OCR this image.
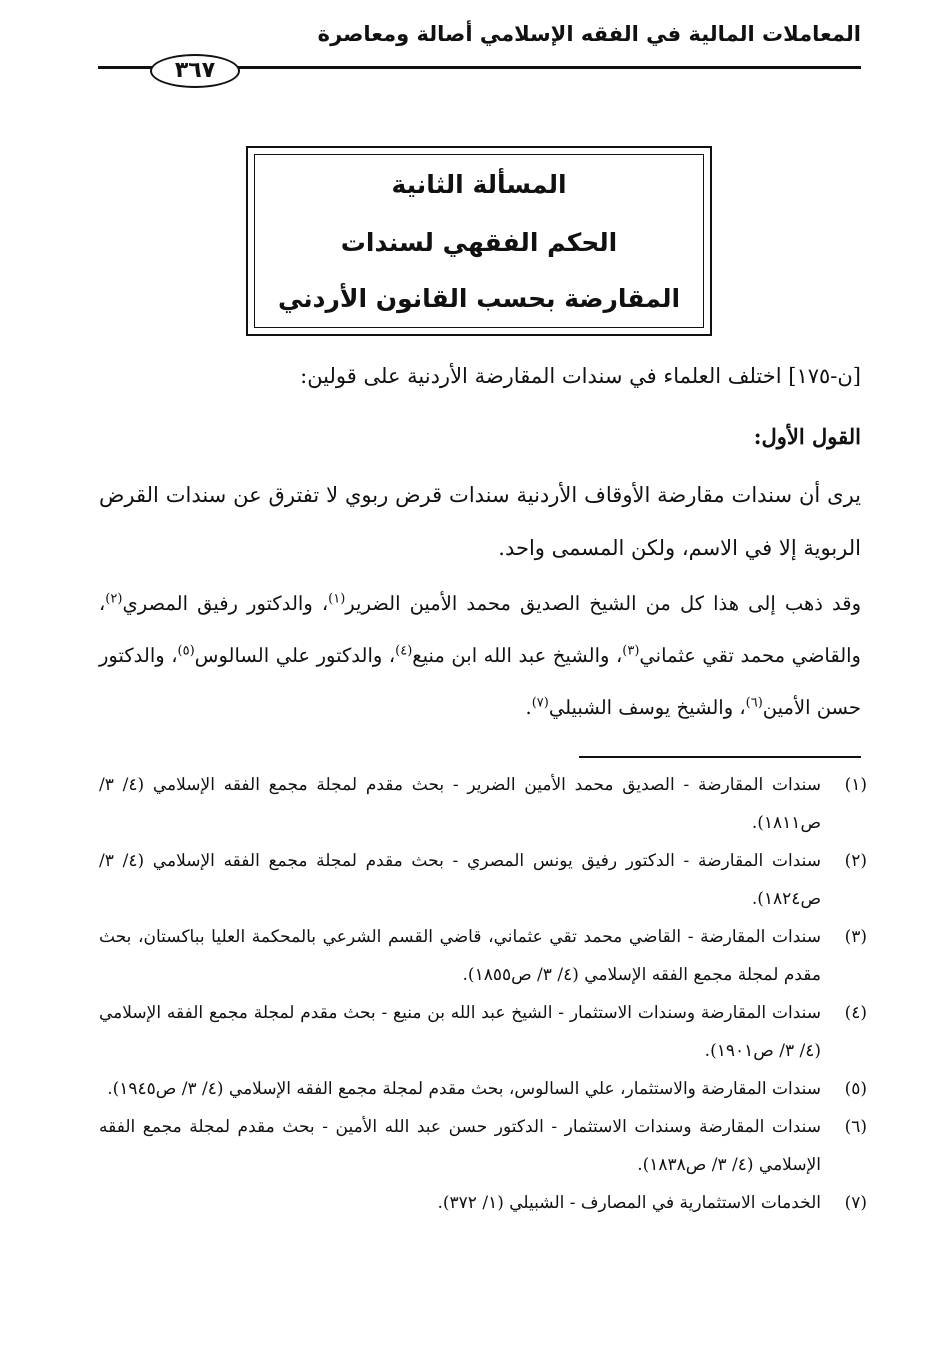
المعاملات المالية في الفقه الإسلامي أصالة ومعاصرة
٣٦٧
المسألة الثانية
الحكم الفقهي لسندات
المقارضة بحسب القانون الأردني
[ن-١٧٥] اختلف العلماء في سندات المقارضة الأردنية على قولين:
القول الأول:
يرى أن سندات مقارضة الأوقاف الأردنية سندات قرض ربوي لا تفترق عن سندات القرض الربوية إلا في الاسم، ولكن المسمى واحد.
وقد ذهب إلى هذا كل من الشيخ الصديق محمد الأمين الضرير$^{(١)}$، والدكتور رفيق المصري$^{(٢)}$، والقاضي محمد تقي عثماني$^{(٣)}$، والشيخ عبد الله ابن منيع$^{(٤)}$، والدكتور علي السالوس$^{(٥)}$، والدكتور حسن الأمين$^{(٦)}$، والشيخ يوسف الشبيلي$^{(٧)}$.
(١)
سندات المقارضة - الصديق محمد الأمين الضرير - بحث مقدم لمجلة مجمع الفقه الإسلامي (٤/ ٣/ ص١٨١١).
(٢)
سندات المقارضة - الدكتور رفيق يونس المصري - بحث مقدم لمجلة مجمع الفقه الإسلامي (٤/ ٣/ ص١٨٢٤).
(٣)
سندات المقارضة - القاضي محمد تقي عثماني، قاضي القسم الشرعي بالمحكمة العليا بباكستان، بحث مقدم لمجلة مجمع الفقه الإسلامي (٤/ ٣/ ص١٨٥٥).
(٤)
سندات المقارضة وسندات الاستثمار - الشيخ عبد الله بن منيع - بحث مقدم لمجلة مجمع الفقه الإسلامي (٤/ ٣/ ص١٩٠١).
(٥)
سندات المقارضة والاستثمار، علي السالوس، بحث مقدم لمجلة مجمع الفقه الإسلامي (٤/ ٣/ ص١٩٤٥).
(٦)
سندات المقارضة وسندات الاستثمار - الدكتور حسن عبد الله الأمين - بحث مقدم لمجلة مجمع الفقه الإسلامي (٤/ ٣/ ص١٨٣٨).
(٧)
الخدمات الاستثمارية في المصارف - الشبيلي (١/ ٣٧٢).
